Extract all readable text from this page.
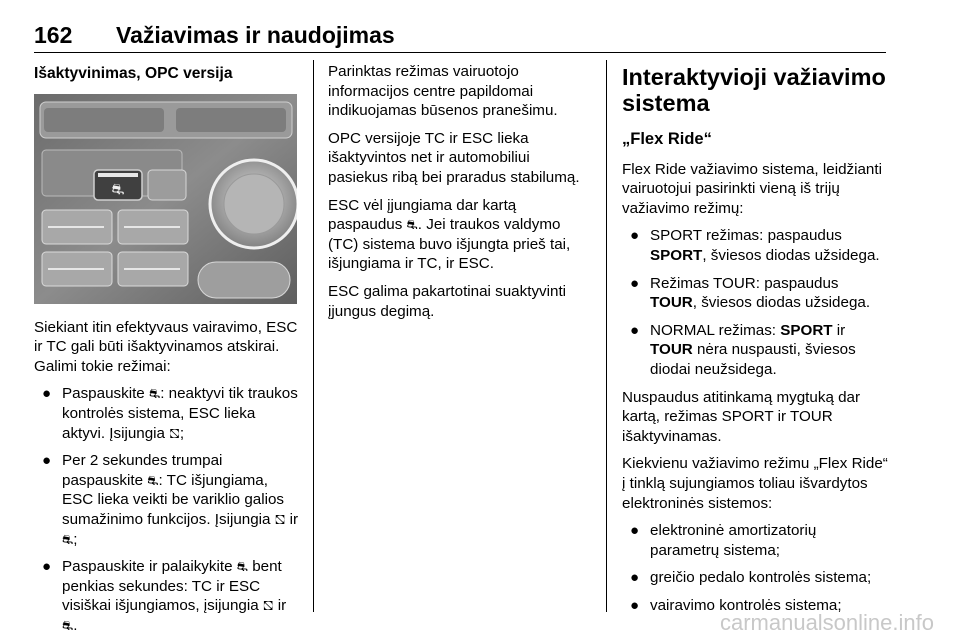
162 Važiavimas ir naudojimas
Išaktyvinimas, OPC versija
⛐

Siekiant itin efektyvaus vairavimo, ESC ir TC gali būti išaktyvinamos atskirai. Galimi tokie režimai:

● Paspauskite ⛐: neaktyvi tik traukos kontrolės sistema, ESC lieka aktyvi. Įsijungia ⛞;
● Per 2 sekundes trumpai paspauskite ⛐: TC išjungiama, ESC lieka veikti be variklio galios sumažinimo funkcijos. Įsijungia ⛞ ir ⛐;
● Paspauskite ir palaikykite ⛐ bent penkias sekundes: TC ir ESC visiškai išjungiamos, įsijungia ⛞ ir ⛐.

Parinktas režimas vairuotojo informacijos centre papildomai indikuojamas būsenos pranešimu.

OPC versijoje TC ir ESC lieka išaktyvintos net ir automobiliui pasiekus ribą bei praradus stabilumą.

ESC vėl įjungiama dar kartą paspaudus ⛐. Jei traukos valdymo (TC) sistema buvo išjungta prieš tai, išjungiama ir TC, ir ESC.

ESC galima pakartotinai suaktyvinti įjungus degimą.

Interaktyvioji važiavimo sistema
„Flex Ride“

Flex Ride važiavimo sistema, leidžianti vairuotojui pasirinkti vieną iš trijų važiavimo režimų:

● SPORT režimas: paspaudus SPORT, šviesos diodas užsidega.
● Režimas TOUR: paspaudus TOUR, šviesos diodas užsidega.
● NORMAL režimas: SPORT ir TOUR nėra nuspausti, šviesos diodai neužsidega.

Nuspaudus atitinkamą mygtuką dar kartą, režimas SPORT ir TOUR išaktyvinamas.

Kiekvienu važiavimo režimu „Flex Ride“ į tinklą sujungiamos toliau išvardytos elektroninės sistemos:

● elektroninė amortizatorių parametrų sistema;
● greičio pedalo kontrolės sistema;
● vairavimo kontrolės sistema;
carmanualsonline.info
